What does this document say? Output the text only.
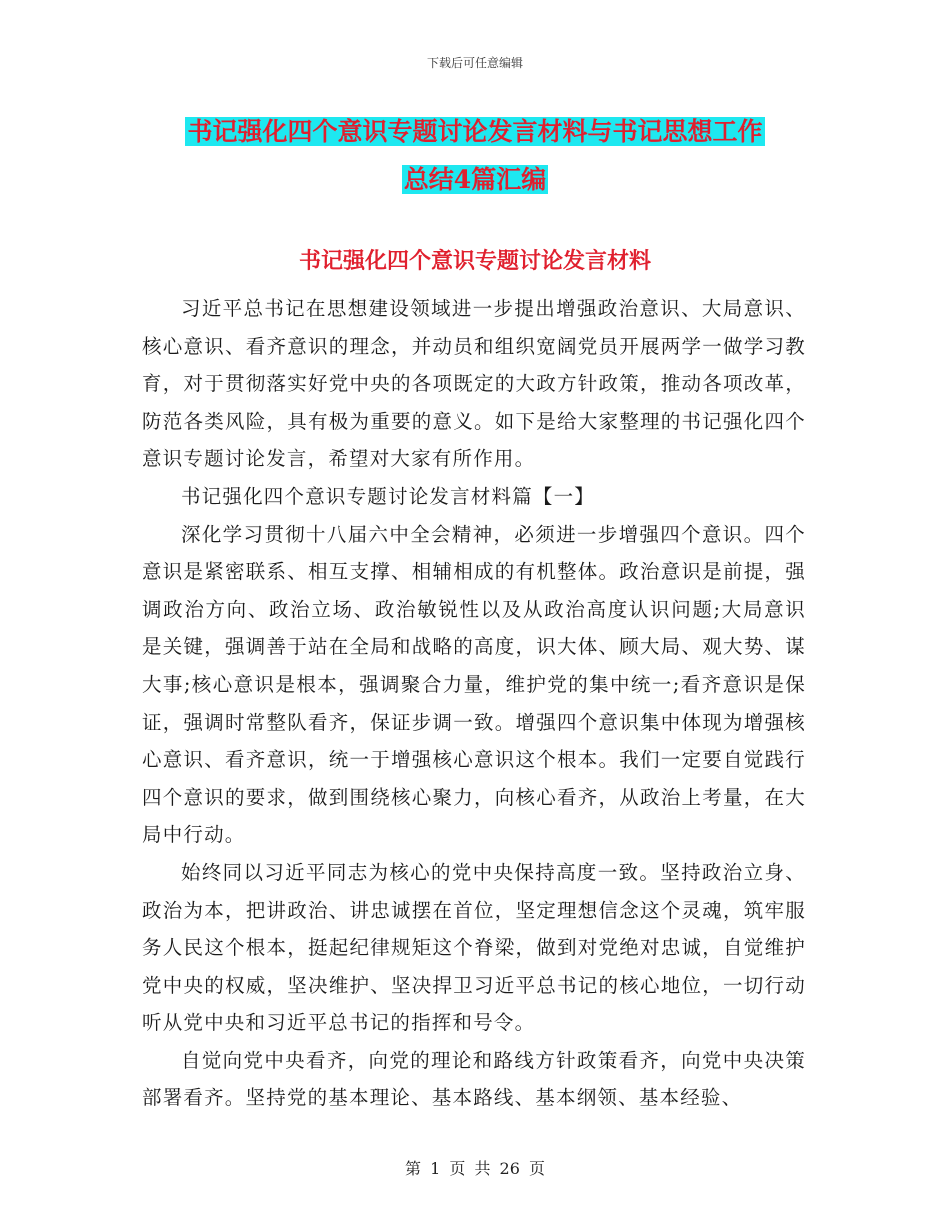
下载后可任意编辑
书记强化四个意识专题讨论发言材料与书记思想工作
总结4篇汇编
书记强化四个意识专题讨论发言材料

习近平总书记在思想建设领域进一步提出增强政治意识、大局意识、核心意识、看齐意识的理念，并动员和组织宽阔党员开展两学一做学习教育，对于贯彻落实好党中央的各项既定的大政方针政策，推动各项改革，防范各类风险，具有极为重要的意义。如下是给大家整理的书记强化四个意识专题讨论发言，希望对大家有所作用。

书记强化四个意识专题讨论发言材料篇【一】

深化学习贯彻十八届六中全会精神，必须进一步增强四个意识。四个意识是紧密联系、相互支撑、相辅相成的有机整体。政治意识是前提，强调政治方向、政治立场、政治敏锐性以及从政治高度认识问题;大局意识是关键，强调善于站在全局和战略的高度，识大体、顾大局、观大势、谋大事;核心意识是根本，强调聚合力量，维护党的集中统一;看齐意识是保证，强调时常整队看齐，保证步调一致。增强四个意识集中体现为增强核心意识、看齐意识，统一于增强核心意识这个根本。我们一定要自觉践行四个意识的要求，做到围绕核心聚力，向核心看齐，从政治上考量，在大局中行动。

始终同以习近平同志为核心的党中央保持高度一致。坚持政治立身、政治为本，把讲政治、讲忠诚摆在首位，坚定理想信念这个灵魂，筑牢服务人民这个根本，挺起纪律规矩这个脊梁，做到对党绝对忠诚，自觉维护党中央的权威，坚决维护、坚决捍卫习近平总书记的核心地位，一切行动听从党中央和习近平总书记的指挥和号令。

自觉向党中央看齐，向党的理论和路线方针政策看齐，向党中央决策部署看齐。坚持党的基本理论、基本路线、基本纲领、基本经验、

第 1 页 共 26 页
